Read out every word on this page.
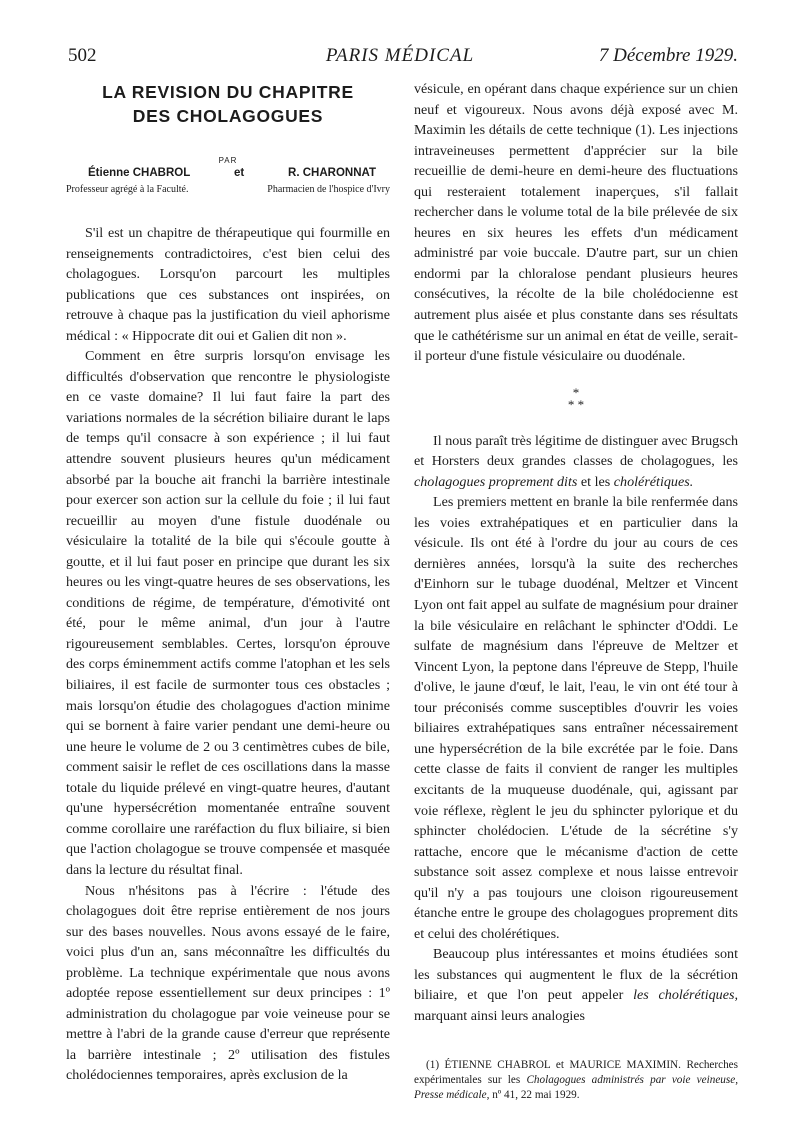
502	PARIS MÉDICAL	7 Décembre 1929.
LA REVISION DU CHAPITRE
DES CHOLAGOGUES
PAR
Étienne CHABROL	et	R. CHARONNAT
Professeur agrégé à la Faculté.	Pharmacien de l'hospice d'Ivry

S'il est un chapitre de thérapeutique qui fourmille en renseignements contradictoires, c'est bien celui des cholagogues. Lorsqu'on parcourt les multiples publications que ces substances ont inspirées, on retrouve à chaque pas la justification du vieil aphorisme médical : « Hippocrate dit oui et Galien dit non ».

Comment en être surpris lorsqu'on envisage les difficultés d'observation que rencontre le physiologiste en ce vaste domaine? Il lui faut faire la part des variations normales de la sécrétion biliaire durant le laps de temps qu'il consacre à son expérience ; il lui faut attendre souvent plusieurs heures qu'un médicament absorbé par la bouche ait franchi la barrière intestinale pour exercer son action sur la cellule du foie ; il lui faut recueillir au moyen d'une fistule duodénale ou vésiculaire la totalité de la bile qui s'écoule goutte à goutte, et il lui faut poser en principe que durant les six heures ou les vingt-quatre heures de ses observations, les conditions de régime, de température, d'émotivité ont été, pour le même animal, d'un jour à l'autre rigoureusement semblables. Certes, lorsqu'on éprouve des corps éminemment actifs comme l'atophan et les sels biliaires, il est facile de surmonter tous ces obstacles ; mais lorsqu'on étudie des cholagogues d'action minime qui se bornent à faire varier pendant une demi-heure ou une heure le volume de 2 ou 3 centimètres cubes de bile, comment saisir le reflet de ces oscillations dans la masse totale du liquide prélevé en vingt-quatre heures, d'autant qu'une hypersécrétion momentanée entraîne souvent comme corollaire une raréfaction du flux biliaire, si bien que l'action cholagogue se trouve compensée et masquée dans la lecture du résultat final.

Nous n'hésitons pas à l'écrire : l'étude des cholagogues doit être reprise entièrement de nos jours sur des bases nouvelles. Nous avons essayé de le faire, voici plus d'un an, sans méconnaître les difficultés du problème. La technique expérimentale que nous avons adoptée repose essentiellement sur deux principes : 1º administration du cholagogue par voie veineuse pour se mettre à l'abri de la grande cause d'erreur que représente la barrière intestinale ; 2º utilisation des fistules cholédociennes temporaires, après exclusion de la

vésicule, en opérant dans chaque expérience sur un chien neuf et vigoureux. Nous avons déjà exposé avec M. Maximin les détails de cette technique (1). Les injections intraveineuses permettent d'apprécier sur la bile recueillie de demi-heure en demi-heure des fluctuations qui resteraient totalement inaperçues, s'il fallait rechercher dans le volume total de la bile prélevée de six heures en six heures les effets d'un médicament administré par voie buccale. D'autre part, sur un chien endormi par la chloralose pendant plusieurs heures consécutives, la récolte de la bile cholédocienne est autrement plus aisée et plus constante dans ses résultats que le cathétérisme sur un animal en état de veille, serait-il porteur d'une fistule vésiculaire ou duodénale.

*
* *

Il nous paraît très légitime de distinguer avec Brugsch et Horsters deux grandes classes de cholagogues, les cholagogues proprement dits et les cholérétiques.

Les premiers mettent en branle la bile renfermée dans les voies extrahépatiques et en particulier dans la vésicule. Ils ont été à l'ordre du jour au cours de ces dernières années, lorsqu'à la suite des recherches d'Einhorn sur le tubage duodénal, Meltzer et Vincent Lyon ont fait appel au sulfate de magnésium pour drainer la bile vésiculaire en relâchant le sphincter d'Oddi. Le sulfate de magnésium dans l'épreuve de Meltzer et Vincent Lyon, la peptone dans l'épreuve de Stepp, l'huile d'olive, le jaune d'œuf, le lait, l'eau, le vin ont été tour à tour préconisés comme susceptibles d'ouvrir les voies biliaires extrahépatiques sans entraîner nécessairement une hypersécrétion de la bile excrétée par le foie. Dans cette classe de faits il convient de ranger les multiples excitants de la muqueuse duodénale, qui, agissant par voie réflexe, règlent le jeu du sphincter pylorique et du sphincter cholédocien. L'étude de la sécrétine s'y rattache, encore que le mécanisme d'action de cette substance soit assez complexe et nous laisse entrevoir qu'il n'y a pas toujours une cloison rigoureusement étanche entre le groupe des cholagogues proprement dits et celui des cholérétiques.

Beaucoup plus intéressantes et moins étudiées sont les substances qui augmentent le flux de la sécrétion biliaire, et que l'on peut appeler les cholérétiques, marquant ainsi leurs analogies

(1) ÉTIENNE CHABROL et MAURICE MAXIMIN. Recherches expérimentales sur les Cholagogues administrés par voie veineuse, Presse médicale, nº 41, 22 mai 1929.
